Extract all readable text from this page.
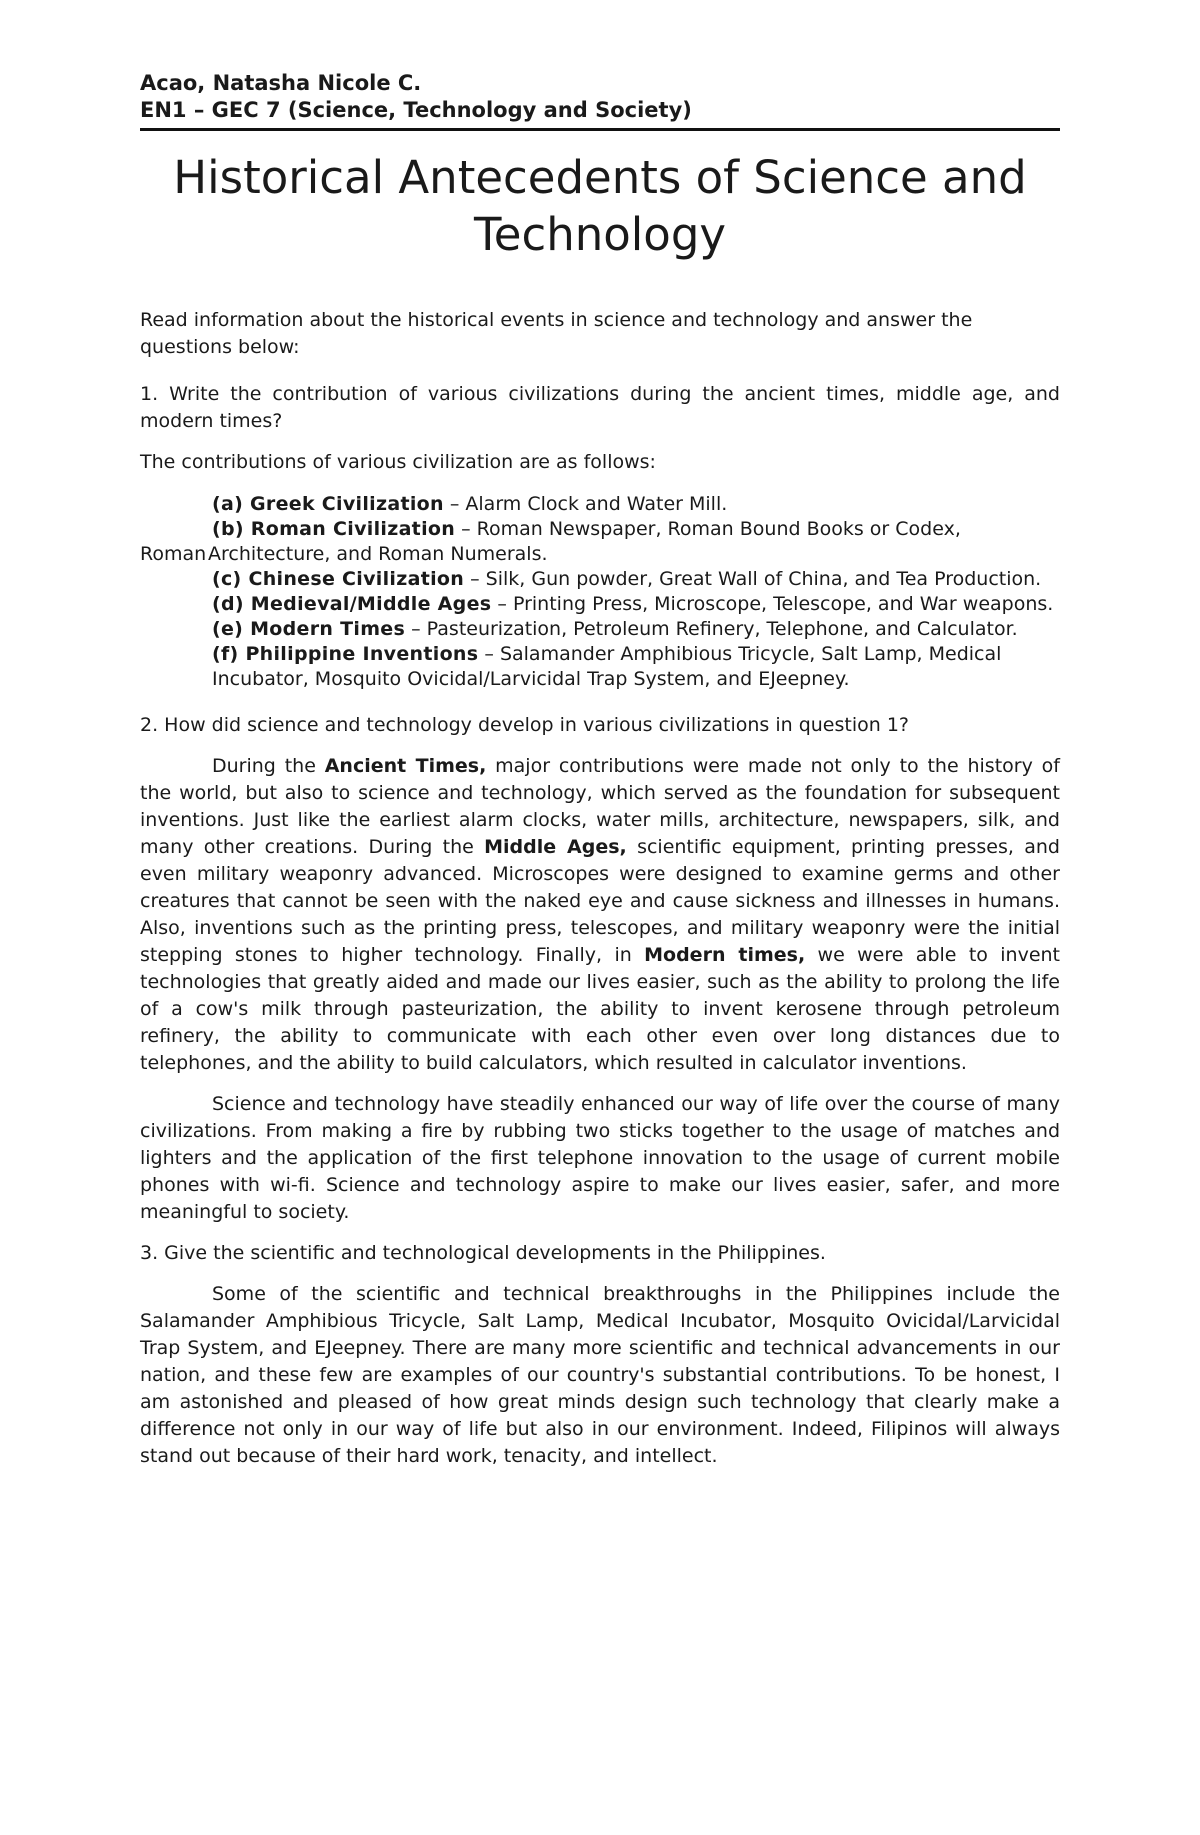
Acao, Natasha Nicole C.
EN1 – GEC 7 (Science, Technology and Society)
Historical Antecedents of Science and Technology

Read information about the historical events in science and technology and answer the questions below:

1. Write the contribution of various civilizations during the ancient times, middle age, and modern times?

The contributions of various civilization are as follows:

(a) Greek Civilization – Alarm Clock and Water Mill.
(b) Roman Civilization – Roman Newspaper, Roman Bound Books or Codex,
RomanArchitecture, and Roman Numerals.
(c) Chinese Civilization – Silk, Gun powder, Great Wall of China, and Tea Production.
(d) Medieval/Middle Ages – Printing Press, Microscope, Telescope, and War weapons.
(e) Modern Times – Pasteurization, Petroleum Refinery, Telephone, and Calculator.
(f) Philippine Inventions – Salamander Amphibious Tricycle, Salt Lamp, Medical Incubator, Mosquito Ovicidal/Larvicidal Trap System, and EJeepney.

2. How did science and technology develop in various civilizations in question 1?

During the Ancient Times, major contributions were made not only to the history of the world, but also to science and technology, which served as the foundation for subsequent inventions. Just like the earliest alarm clocks, water mills, architecture, newspapers, silk, and many other creations. During the Middle Ages, scientific equipment, printing presses, and even military weaponry advanced. Microscopes were designed to examine germs and other creatures that cannot be seen with the naked eye and cause sickness and illnesses in humans. Also, inventions such as the printing press, telescopes, and military weaponry were the initial stepping stones to higher technology. Finally, in Modern times, we were able to invent technologies that greatly aided and made our lives easier, such as the ability to prolong the life of a cow's milk through pasteurization, the ability to invent kerosene through petroleum refinery, the ability to communicate with each other even over long distances due to telephones, and the ability to build calculators, which resulted in calculator inventions.

Science and technology have steadily enhanced our way of life over the course of many civilizations. From making a fire by rubbing two sticks together to the usage of matches and lighters and the application of the first telephone innovation to the usage of current mobile phones with wi-fi. Science and technology aspire to make our lives easier, safer, and more meaningful to society.

3. Give the scientific and technological developments in the Philippines.

Some of the scientific and technical breakthroughs in the Philippines include the Salamander Amphibious Tricycle, Salt Lamp, Medical Incubator, Mosquito Ovicidal/Larvicidal Trap System, and EJeepney. There are many more scientific and technical advancements in our nation, and these few are examples of our country's substantial contributions. To be honest, I am astonished and pleased of how great minds design such technology that clearly make a difference not only in our way of life but also in our environment. Indeed, Filipinos will always stand out because of their hard work, tenacity, and intellect.
